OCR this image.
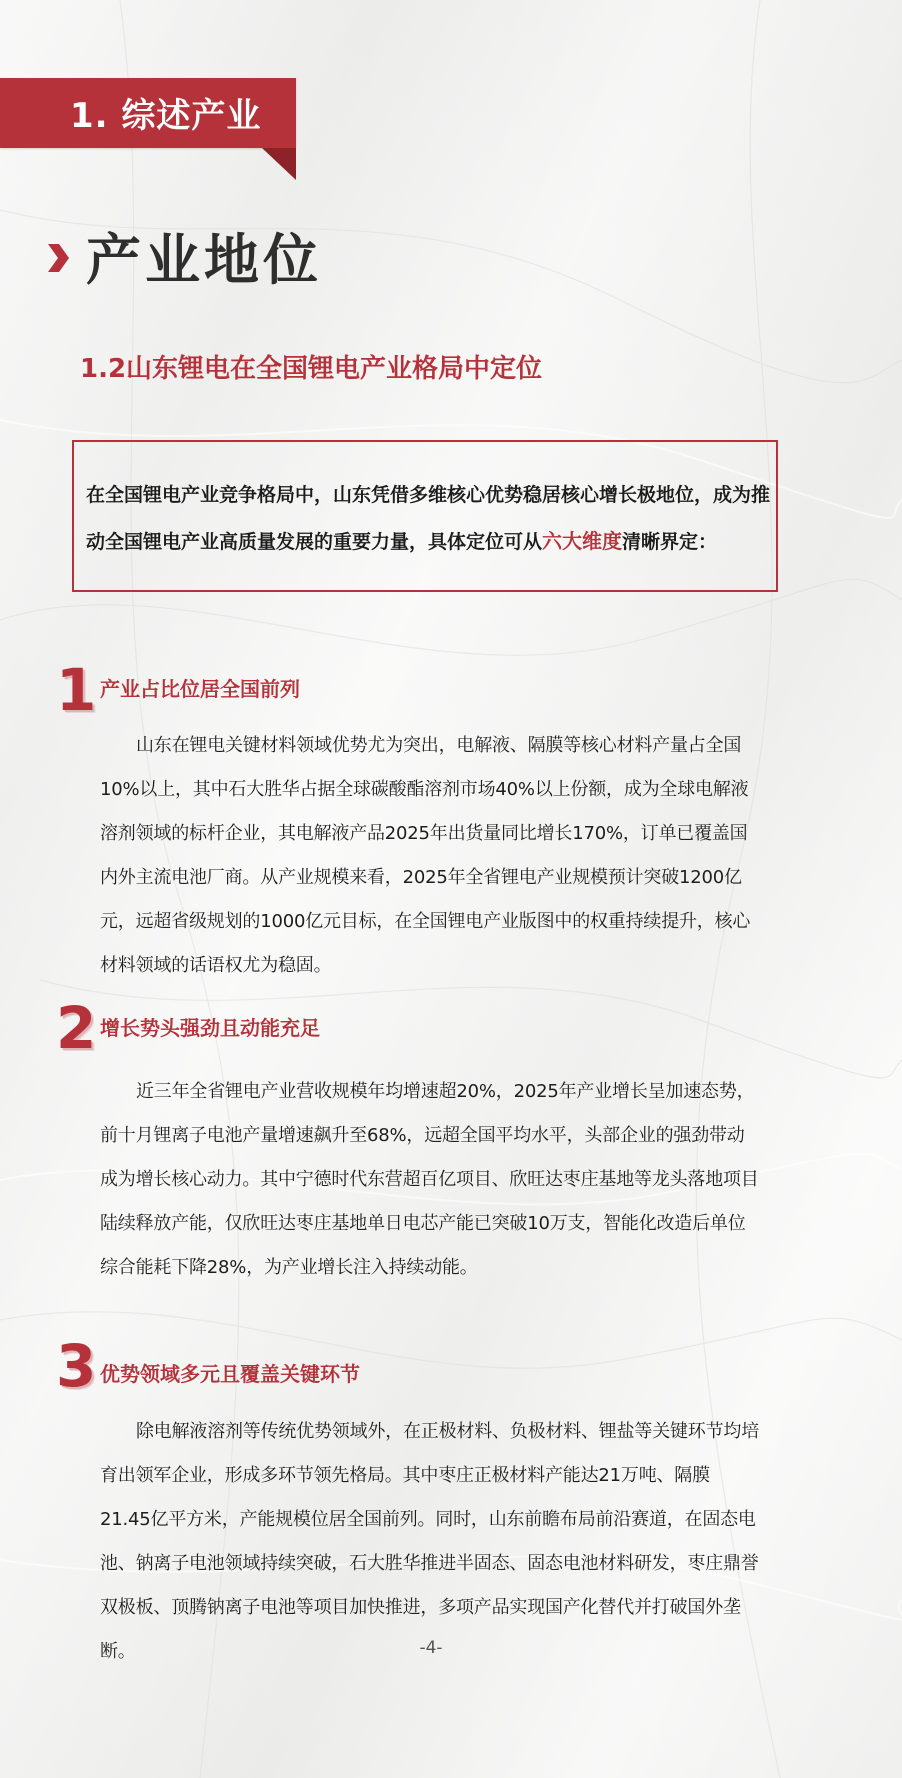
1. 综述产业
产业地位
1.2山东锂电在全国锂电产业格局中定位
在全国锂电产业竞争格局中，山东凭借多维核心优势稳居核心增长极地位，成为推动全国锂电产业高质量发展的重要力量，具体定位可从六大维度清晰界定：
1 产业占比位居全国前列
山东在锂电关键材料领域优势尤为突出，电解液、隔膜等核心材料产量占全国10%以上，其中石大胜华占据全球碳酸酯溶剂市场40%以上份额，成为全球电解液溶剂领域的标杆企业，其电解液产品2025年出货量同比增长170%，订单已覆盖国内外主流电池厂商。从产业规模来看，2025年全省锂电产业规模预计突破1200亿元，远超省级规划的1000亿元目标，在全国锂电产业版图中的权重持续提升，核心材料领域的话语权尤为稳固。
2 增长势头强劲且动能充足
近三年全省锂电产业营收规模年均增速超20%，2025年产业增长呈加速态势，前十月锂离子电池产量增速飙升至68%，远超全国平均水平，头部企业的强劲带动成为增长核心动力。其中宁德时代东营超百亿项目、欣旺达枣庄基地等龙头落地项目陆续释放产能，仅欣旺达枣庄基地单日电芯产能已突破10万支，智能化改造后单位综合能耗下降28%，为产业增长注入持续动能。
3 优势领域多元且覆盖关键环节
除电解液溶剂等传统优势领域外，在正极材料、负极材料、锂盐等关键环节均培育出领军企业，形成多环节领先格局。其中枣庄正极材料产能达21万吨、隔膜21.45亿平方米，产能规模位居全国前列。同时，山东前瞻布局前沿赛道，在固态电池、钠离子电池领域持续突破，石大胜华推进半固态、固态电池材料研发，枣庄鼎誉双极板、顶腾钠离子电池等项目加快推进，多项产品实现国产化替代并打破国外垄断。	-4-
